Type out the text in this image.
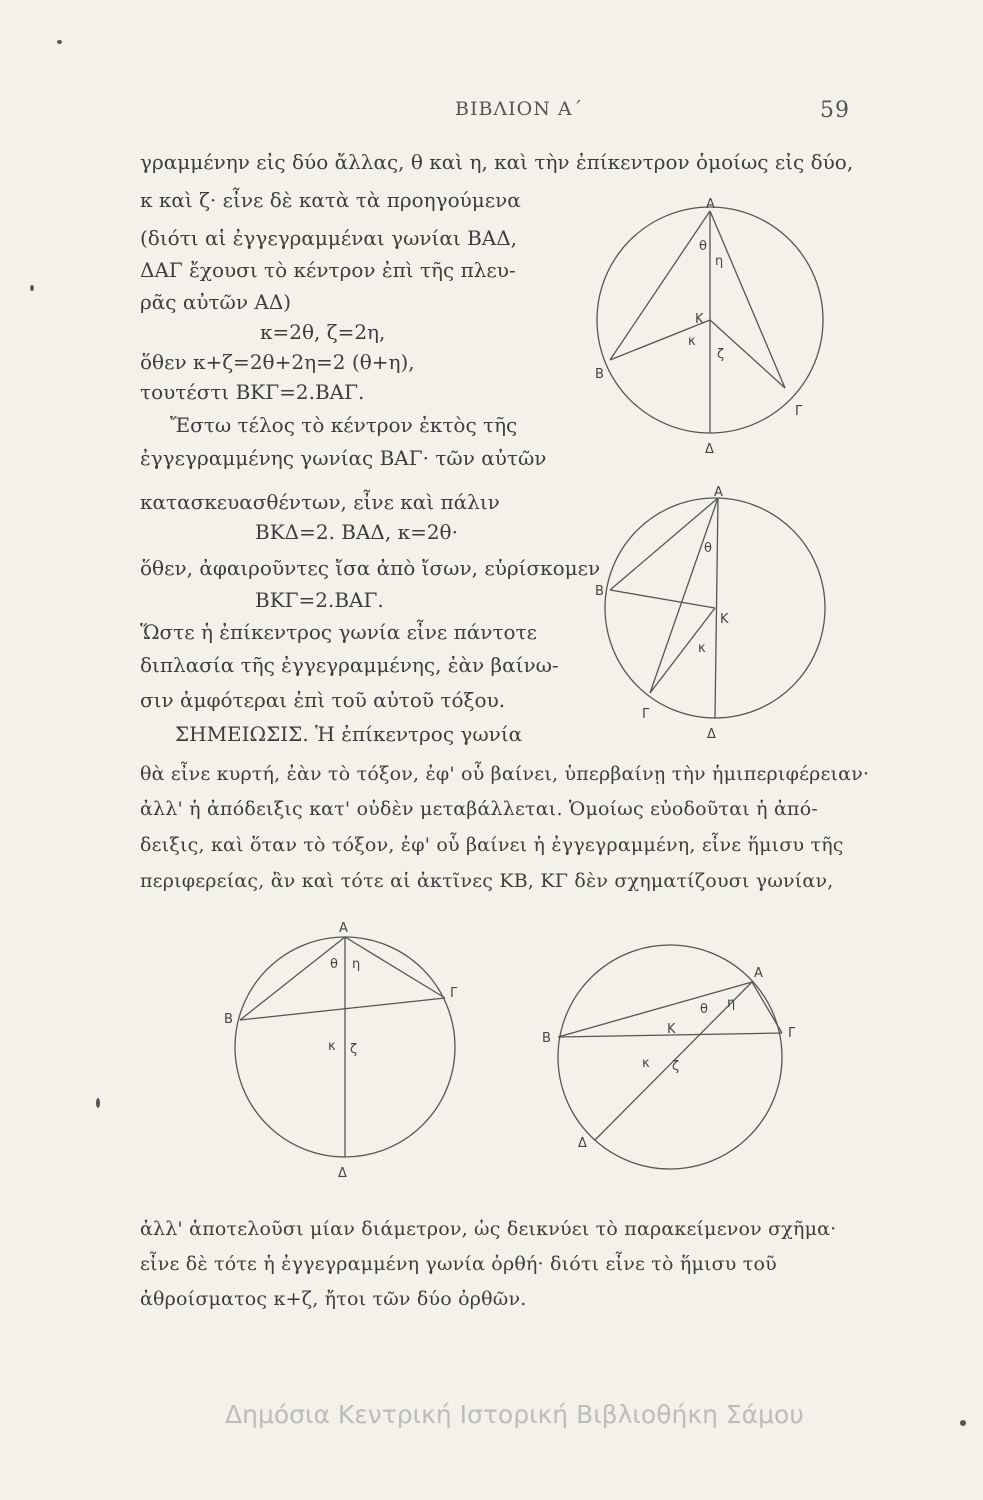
ΒΙΒΛΙΟΝ Α΄	59
γραμμένην εἰς δύο ἄλλας, θ καὶ η, καὶ τὴν ἐπίκεντρον ὁμοίως εἰς δύο,
κ καὶ ζ· εἶνε δὲ κατὰ τὰ προηγούμενα
(διότι αἱ ἐγγεγραμμέναι γωνίαι ΒΑΔ,
ΔΑΓ ἔχουσι τὸ κέντρον ἐπὶ τῆς πλευ-
ρᾶς αὐτῶν ΑΔ)
κ=2θ, ζ=2η,
ὅθεν κ+ζ=2θ+2η=2 (θ+η),
τουτέστι ΒΚΓ=2.ΒΑΓ.
Ἔστω τέλος τὸ κέντρον ἐκτὸς τῆς
ἐγγεγραμμένης γωνίας ΒΑΓ· τῶν αὐτῶν
κατασκευασθέντων, εἶνε καὶ πάλιν
ΒΚΔ=2. ΒΑΔ, κ=2θ·
ὅθεν, ἀφαιροῦντες ἴσα ἀπὸ ἴσων, εὑρίσκομεν
ΒΚΓ=2.ΒΑΓ.
Ὥστε ἡ ἐπίκεντρος γωνία εἶνε πάντοτε
διπλασία τῆς ἐγγεγραμμένης, ἐὰν βαίνω-
σιν ἀμφότεραι ἐπὶ τοῦ αὐτοῦ τόξου.
ΣΗΜΕΙΩΣΙΣ. Ἡ ἐπίκεντρος γωνία
θὰ εἶνε κυρτή, ἐὰν τὸ τόξον, ἐφ' οὗ βαίνει, ὑπερβαίνῃ τὴν ἡμιπεριφέρειαν·
ἀλλ' ἡ ἀπόδειξις κατ' οὐδὲν μεταβάλλεται. Ὁμοίως εὐοδοῦται ἡ ἀπό-
δειξις, καὶ ὅταν τὸ τόξον, ἐφ' οὗ βαίνει ἡ ἐγγεγραμμένη, εἶνε ἥμισυ τῆς
περιφερείας, ἂν καὶ τότε αἱ ἀκτῖνες ΚΒ, ΚΓ δὲν σχηματίζουσι γωνίαν,
ἀλλ' ἀποτελοῦσι μίαν διάμετρον, ὡς δεικνύει τὸ παρακείμενον σχῆμα·
εἶνε δὲ τότε ἡ ἐγγεγραμμένη γωνία ὀρθή· διότι εἶνε τὸ ἥμισυ τοῦ
ἀθροίσματος κ+ζ, ἤτοι τῶν δύο ὀρθῶν.
A
B
Γ
Δ
K
θ
η
κ
ζ
A
B
Γ
Δ
K
θ
κ
A
B
Γ
Δ
θ η
κ ζ
A
B	Γ
Δ
K
θ η
κ ζ
Δημόσια Κεντρική Ιστορική Βιβλιοθήκη Σάμου
